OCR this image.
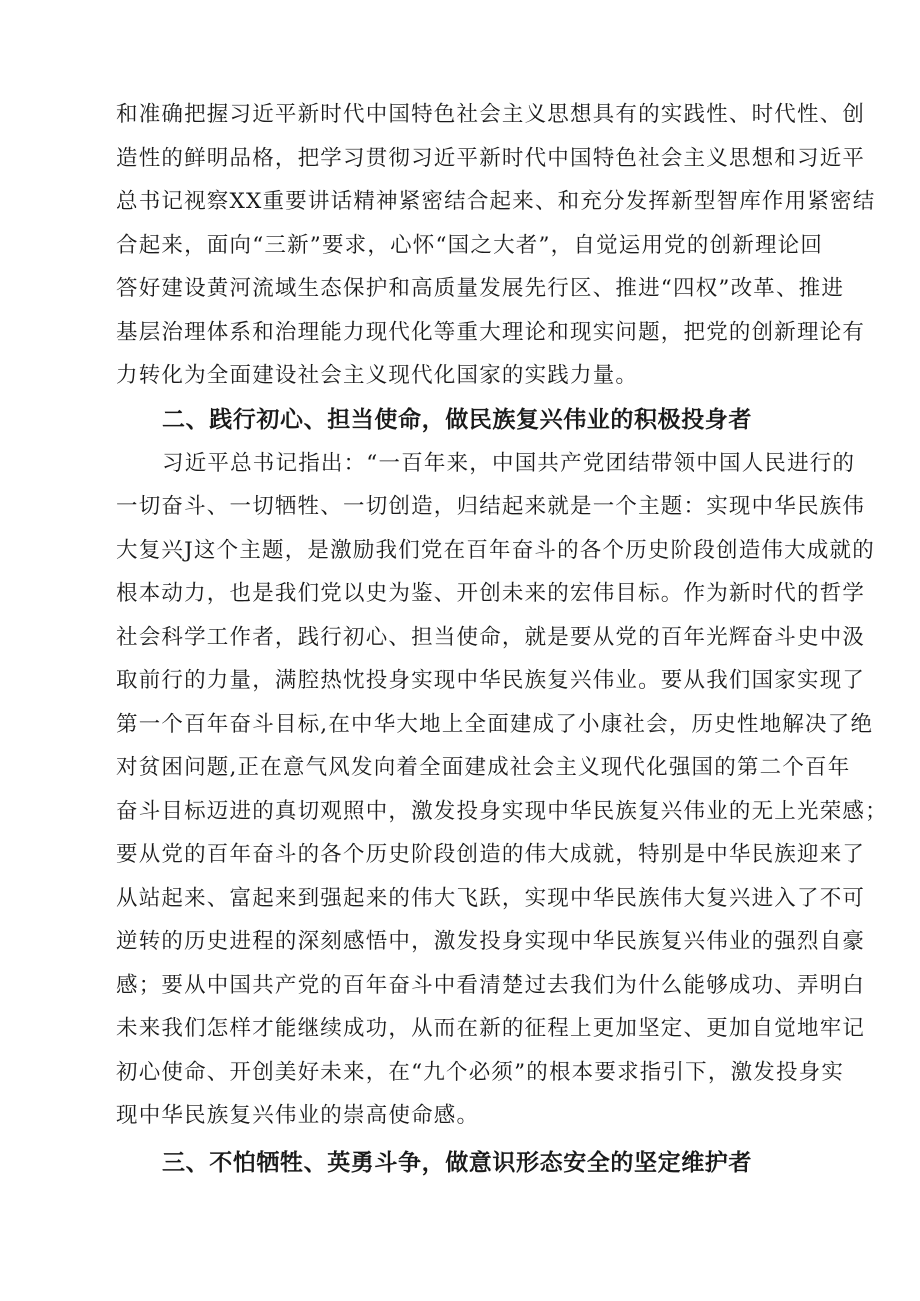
和准确把握习近平新时代中国特色社会主义思想具有的实践性、时代性、创
造性的鲜明品格，把学习贯彻习近平新时代中国特色社会主义思想和习近平
总书记视察XX重要讲话精神紧密结合起来、和充分发挥新型智库作用紧密结
合起来，面向“三新”要求，心怀“国之大者”，自觉运用党的创新理论回
答好建设黄河流域生态保护和高质量发展先行区、推进“四权”改革、推进
基层治理体系和治理能力现代化等重大理论和现实问题，把党的创新理论有
力转化为全面建设社会主义现代化国家的实践力量。
二、践行初心、担当使命，做民族复兴伟业的积极投身者
习近平总书记指出：“一百年来，中国共产党团结带领中国人民进行的
一切奋斗、一切牺牲、一切创造，归结起来就是一个主题：实现中华民族伟
大复兴J这个主题，是激励我们党在百年奋斗的各个历史阶段创造伟大成就的
根本动力，也是我们党以史为鉴、开创未来的宏伟目标。作为新时代的哲学
社会科学工作者，践行初心、担当使命，就是要从党的百年光辉奋斗史中汲
取前行的力量，满腔热忱投身实现中华民族复兴伟业。要从我们国家实现了
第一个百年奋斗目标,在中华大地上全面建成了小康社会，历史性地解决了绝
对贫困问题,正在意气风发向着全面建成社会主义现代化强国的第二个百年
奋斗目标迈进的真切观照中，激发投身实现中华民族复兴伟业的无上光荣感；
要从党的百年奋斗的各个历史阶段创造的伟大成就，特别是中华民族迎来了
从站起来、富起来到强起来的伟大飞跃，实现中华民族伟大复兴进入了不可
逆转的历史进程的深刻感悟中，激发投身实现中华民族复兴伟业的强烈自豪
感；要从中国共产党的百年奋斗中看清楚过去我们为什么能够成功、弄明白
未来我们怎样才能继续成功，从而在新的征程上更加坚定、更加自觉地牢记
初心使命、开创美好未来，在“九个必须”的根本要求指引下，激发投身实
现中华民族复兴伟业的崇高使命感。
三、不怕牺牲、英勇斗争，做意识形态安全的坚定维护者
